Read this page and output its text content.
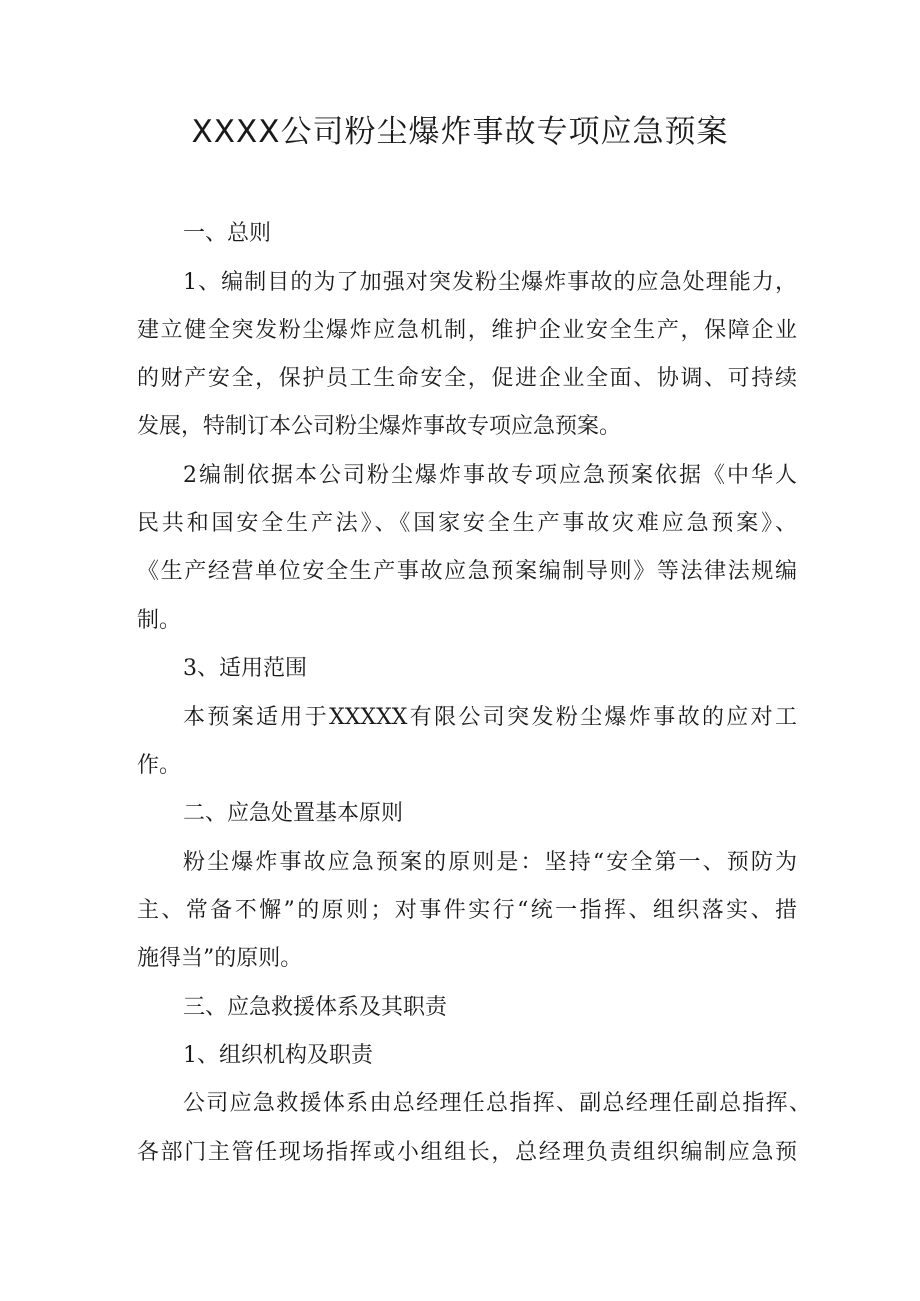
XXXX公司粉尘爆炸事故专项应急预案
一、总则
1、编制目的为了加强对突发粉尘爆炸事故的应急处理能力，
建立健全突发粉尘爆炸应急机制，维护企业安全生产，保障企业
的财产安全，保护员工生命安全，促进企业全面、协调、可持续
发展，特制订本公司粉尘爆炸事故专项应急预案。
2编制依据本公司粉尘爆炸事故专项应急预案依据《中华人
民共和国安全生产法》、《国家安全生产事故灾难应急预案》、
《生产经营单位安全生产事故应急预案编制导则》等法律法规编
制。
3、适用范围
本预案适用于XXXXX有限公司突发粉尘爆炸事故的应对工
作。
二、应急处置基本原则
粉尘爆炸事故应急预案的原则是：坚持“安全第一、预防为
主、常备不懈”的原则；对事件实行“统一指挥、组织落实、措
施得当”的原则。
三、应急救援体系及其职责
1、组织机构及职责
公司应急救援体系由总经理任总指挥、副总经理任副总指挥、
各部门主管任现场指挥或小组组长，总经理负责组织编制应急预
